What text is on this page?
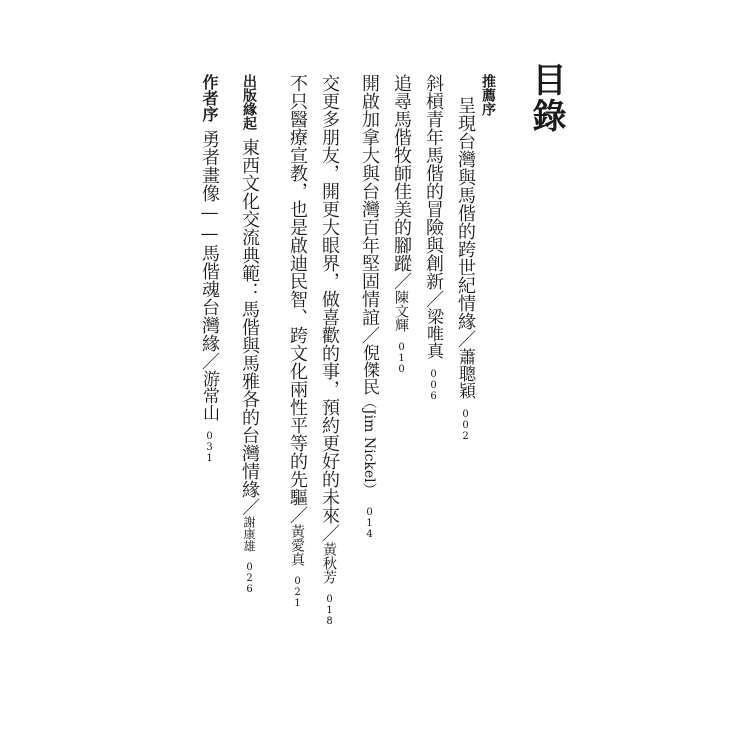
目錄
推薦序
呈現台灣與馬偕的跨世紀情緣／蕭聰穎002
斜槓青年馬偕的冒險與創新／梁唯真006
追尋馬偕牧師佳美的腳蹤／陳文輝010
開啟加拿大與台灣百年堅固情誼／倪傑民（Jim Nickel）014
交更多朋友，開更大眼界，做喜歡的事，預約更好的未來／黃秋芳018
不只醫療宣教，也是啟迪民智、跨文化兩性平等的先驅／黃愛真021
出版緣起東西文化交流典範：馬偕與馬雅各的台灣情緣／謝康雄026
作者序勇者畫像——馬偕魂台灣緣／游常山031
